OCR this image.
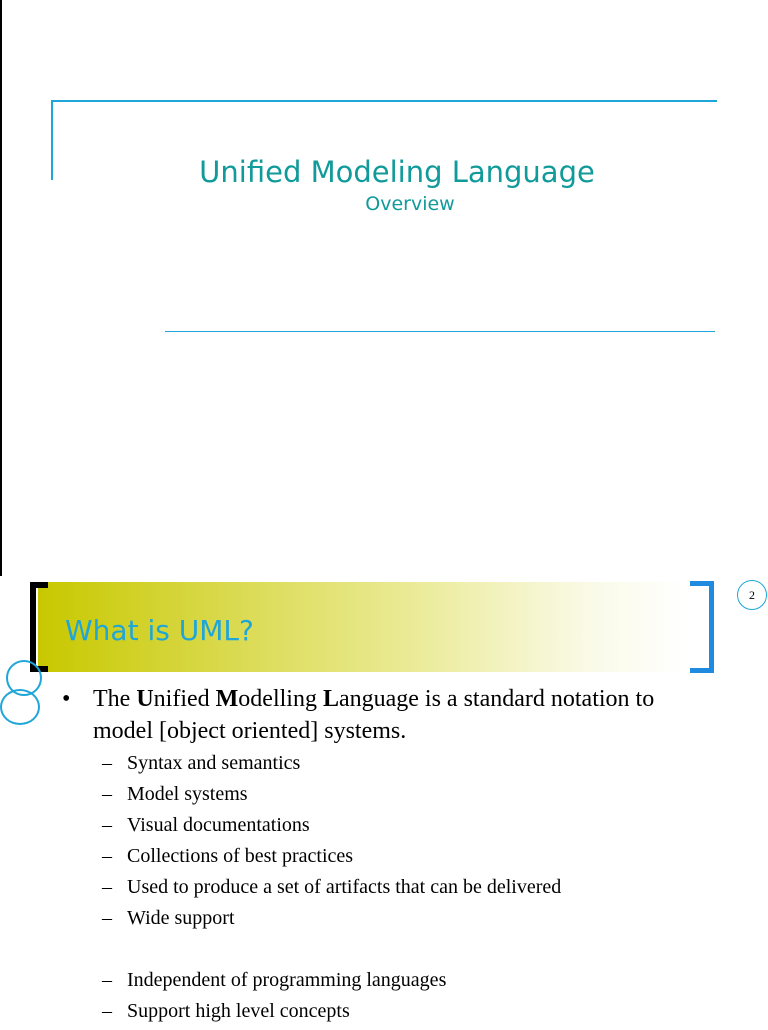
Unified Modeling Language
Overview
What is UML?
2
• The Unified Modelling Language is a standard notation to model [object oriented] systems.
– Syntax and semantics
– Model systems
– Visual documentations
– Collections of best practices
– Used to produce a set of artifacts that can be delivered
– Wide support
– Independent of programming languages
– Support high level concepts
